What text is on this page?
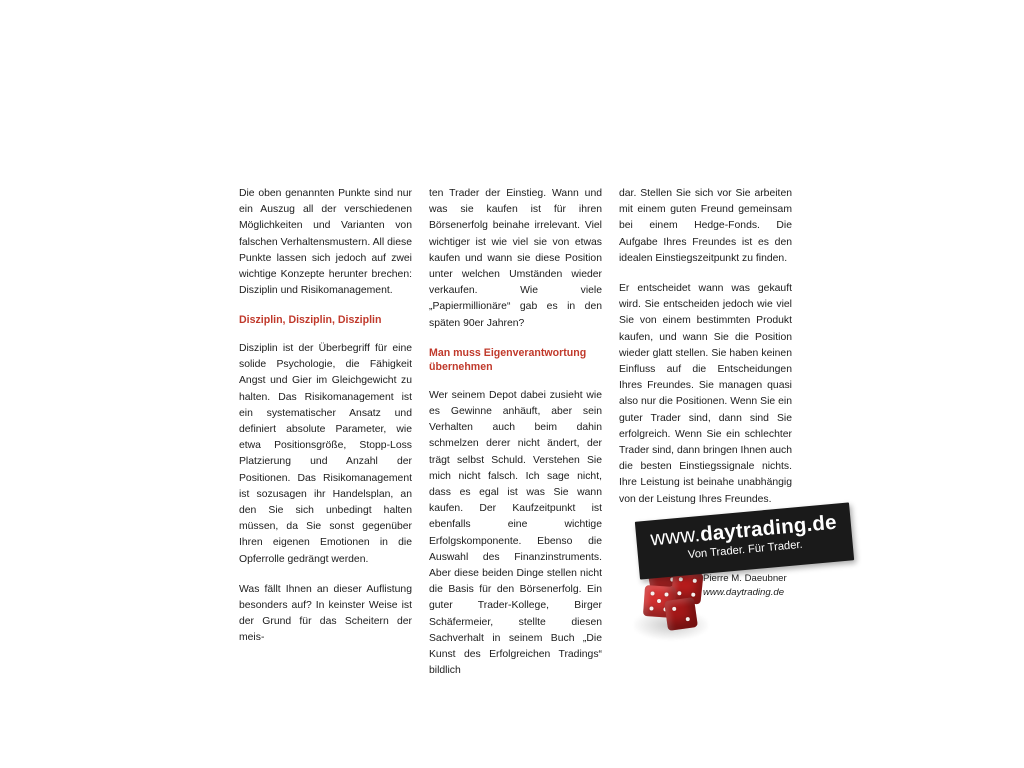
Die oben genannten Punkte sind nur ein Auszug all der verschiedenen Möglichkeiten und Varianten von falschen Verhaltensmustern. All diese Punkte lassen sich jedoch auf zwei wichtige Konzepte herunter brechen: Disziplin und Risikomanagement.

Disziplin, Disziplin, Disziplin

Disziplin ist der Überbegriff für eine solide Psychologie, die Fähigkeit Angst und Gier im Gleichgewicht zu halten. Das Risikomanagement ist ein systematischer Ansatz und definiert absolute Parameter, wie etwa Positionsgröße, Stopp-Loss Platzierung und Anzahl der Positionen. Das Risikomanagement ist sozusagen ihr Handelsplan, an den Sie sich unbedingt halten müssen, da Sie sonst gegenüber Ihren eigenen Emotionen in die Opferrolle gedrängt werden.

Was fällt Ihnen an dieser Auflistung besonders auf? In keinster Weise ist der Grund für das Scheitern der meis-

ten Trader der Einstieg. Wann und was sie kaufen ist für ihren Börsenerfolg beinahe irrelevant. Viel wichtiger ist wie viel sie von etwas kaufen und wann sie diese Position unter welchen Umständen wieder verkaufen. Wie viele „Papiermillionäre“ gab es in den späten 90er Jahren?

Man muss Eigenverantwortung übernehmen

Wer seinem Depot dabei zusieht wie es Gewinne anhäuft, aber sein Verhalten auch beim dahin schmelzen derer nicht ändert, der trägt selbst Schuld. Verstehen Sie mich nicht falsch. Ich sage nicht, dass es egal ist was Sie wann kaufen. Der Kaufzeitpunkt ist ebenfalls eine wichtige Erfolgskomponente. Ebenso die Auswahl des Finanzinstruments. Aber diese beiden Dinge stellen nicht die Basis für den Börsenerfolg. Ein guter Trader-Kollege, Birger Schäfermeier, stellte diesen Sachverhalt in seinem Buch „Die Kunst des Erfolgreichen Tradings“ bildlich

dar. Stellen Sie sich vor Sie arbeiten mit einem guten Freund gemeinsam bei einem Hedge-Fonds. Die Aufgabe Ihres Freundes ist es den idealen Einstiegszeitpunkt zu finden.

Er entscheidet wann was gekauft wird. Sie entscheiden jedoch wie viel Sie von einem bestimmten Produkt kaufen, und wann Sie die Position wieder glatt stellen. Sie haben keinen Einfluss auf die Entscheidungen Ihres Freundes. Sie managen quasi also nur die Positionen. Wenn Sie ein guter Trader sind, dann sind Sie erfolgreich. Wenn Sie ein schlechter Trader sind, dann bringen Ihnen auch die besten Einstiegssignale nichts. Ihre Leistung ist beinahe unabhängig von der Leistung Ihres Freundes.

www.daytrading.de
Von Trader. Für Trader.
Pierre M. Daeubner
www.daytrading.de
